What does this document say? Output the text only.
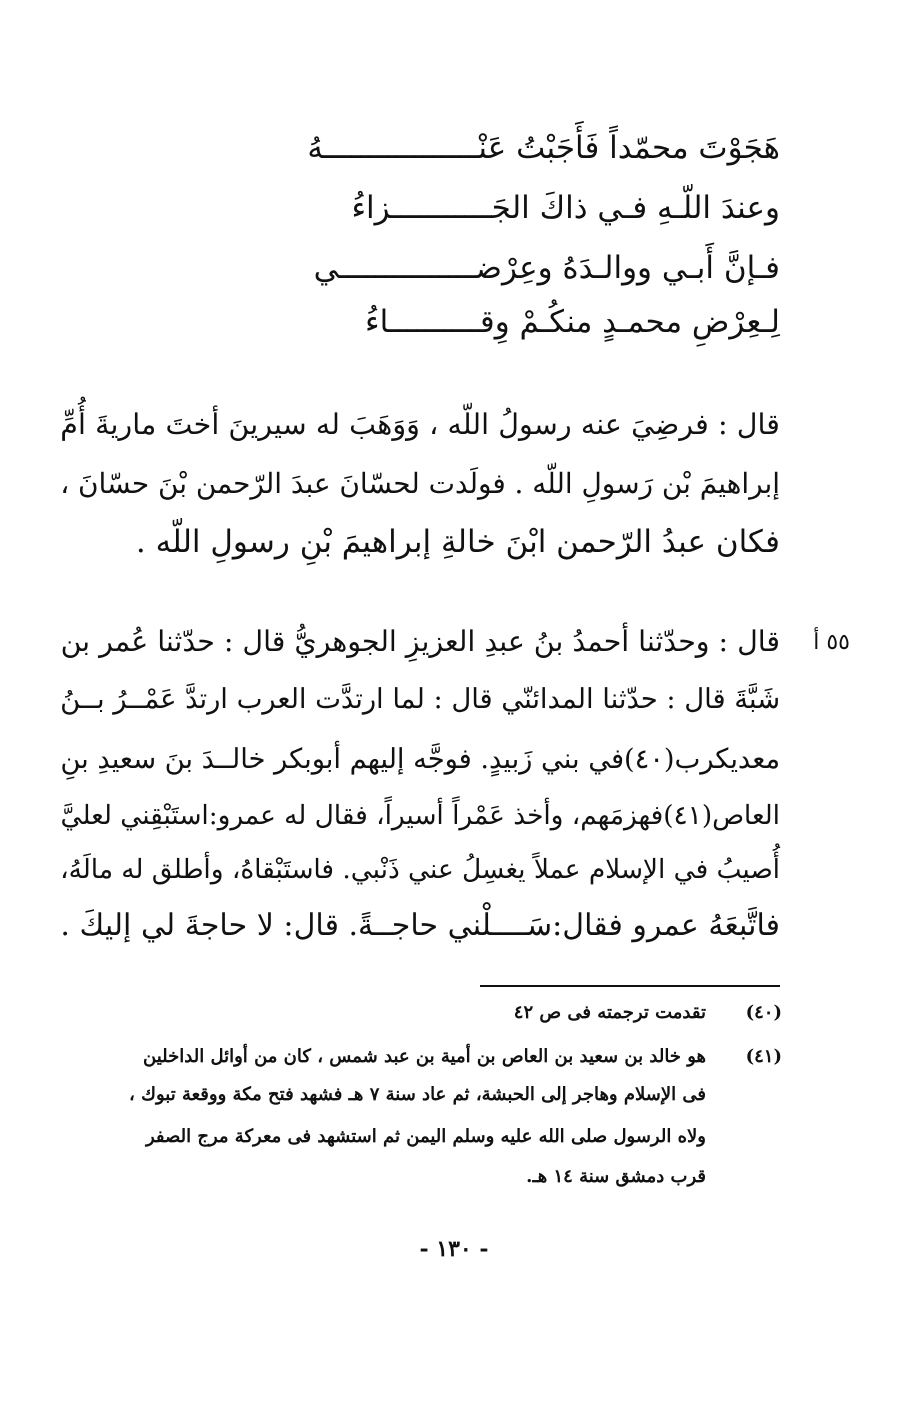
هَجَوْتَ محمّداً فَأَجَبْتُ عَنْـــــــــــــــــهُ
وعندَ اللّـهِ فـي ذاكَ الجَـــــــــــزاءُ
فـإنَّ أَبـي ووالـدَهُ وعِرْضـــــــــــــــي
لِـعِرْضِ محمـدٍ منكُـمْ وِقــــــــــاءُ
قال : فرضِيَ عنه رسولُ اللّه ، وَوَهَبَ له سيرينَ أختَ ماريةَ أُمِّ
إبراهيمَ بْن رَسولِ اللّه . فولَدت لحسّانَ عبدَ الرّحمن بْنَ حسّانَ ،
فكان عبدُ الرّحمن ابْنَ خالةِ إبراهيمَ بْنِ رسولِ اللّه .
٥٥ أ
قال : وحدّثنا أحمدُ بنُ عبدِ العزيزِ الجوهريُّ قال : حدّثنا عُمر بن
شَبَّةَ قال : حدّثنا المدائنّي قال : لما ارتدَّت العرب ارتدَّ عَمْــرُ بــنُ
معديكرب(٤٠)في بني زَبيدٍ. فوجَّه إليهم أبوبكر خالــدَ بنَ سعيدِ بنِ
العاص(٤١)فهزمَهم، وأخذ عَمْراً أسيراً، فقال له عمرو:استَبْقِني لعليَّ
أُصيبُ في الإسلام عملاً يغسِلُ عني ذَنْبي. فاستَبْقاهُ، وأطلق له مالَهُ،
فاتَّبعَهُ عمرو فقال:سَــــلْني حاجــةً. قال: لا حاجةَ لي إليكَ .
(٤٠)
تقدمت ترجمته فى ص ٤٢
(٤١)
هو خالد بن سعيد بن العاص بن أمية بن عبد شمس ، كان من أوائل الداخلين
فى الإسلام وهاجر إلى الحبشة، ثم عاد سنة ٧ هـ فشهد فتح مكة ووقعة تبوك ،
ولاه الرسول صلى الله عليه وسلم اليمن ثم استشهد فى معركة مرج الصفر
قرب دمشق سنة ١٤ هـ.
- ١٣٠ -
